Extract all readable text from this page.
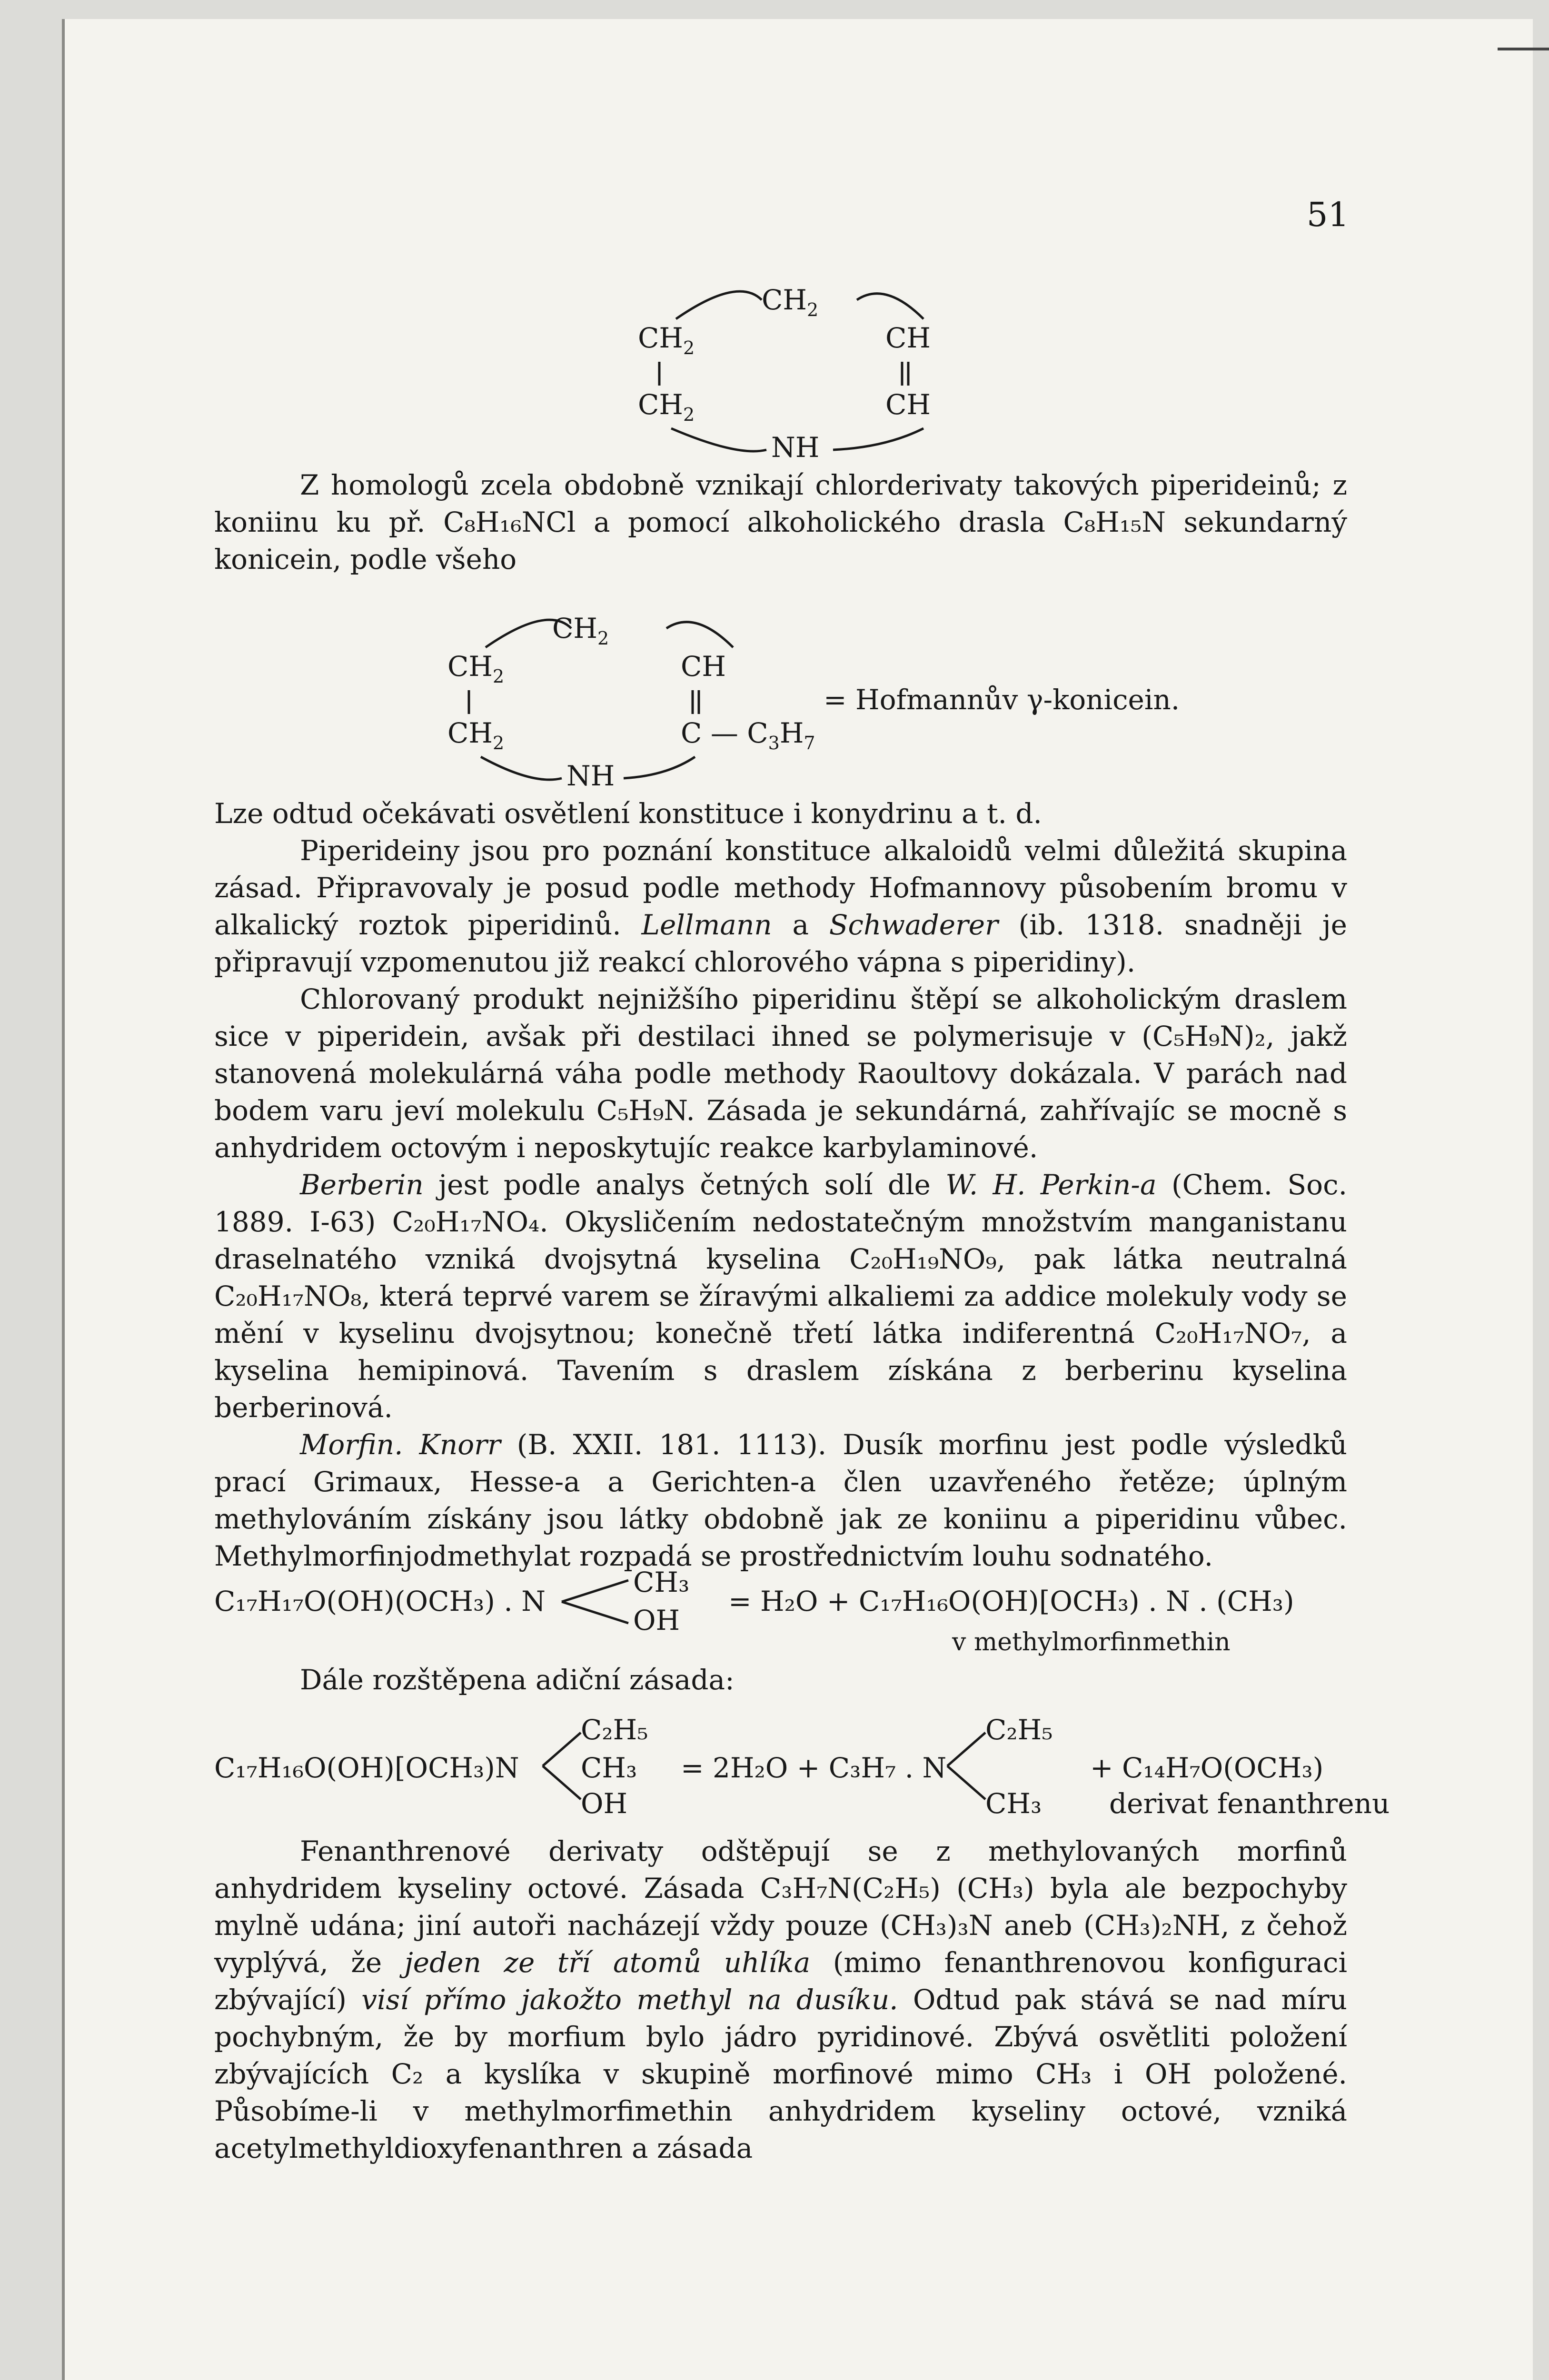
51
$CH_2$
$CH_2$	CH
$CH_2$	CH
NH

Z homologů zcela obdobně vznikají chlorderivaty takových piperideinů; z koniinu ku př. C₈H₁₆NCl a pomocí alkoholického drasla C₈H₁₅N sekundarný konicein, podle všeho

$CH_2$
$CH_2$	CH
$CH_2$	C — $C_3H_7$
NH
= Hofmannův γ-konicein.

Lze odtud očekávati osvětlení konstituce i konydrinu a t. d.

Piperideiny jsou pro poznání konstituce alkaloidů velmi důležitá skupina zásad. Připravovaly je posud podle methody Hofmannovy působením bromu v alkalický roztok piperidinů. Lellmann a Schwaderer (ib. 1318. snadněji je připravují vzpomenutou již reakcí chlorového vápna s piperidiny).

Chlorovaný produkt nejnižšího piperidinu štěpí se alkoholickým draslem sice v piperidein, avšak při destilaci ihned se polymerisuje v (C₅H₉N)₂, jakž stanovená molekulárná váha podle methody Raoultovy dokázala. V parách nad bodem varu jeví molekulu C₅H₉N. Zásada je sekundárná, zahřívajíc se mocně s anhydridem octovým i neposkytujíc reakce karbylaminové.

Berberin jest podle analys četných solí dle W. H. Perkin-a (Chem. Soc. 1889. I-63) C₂₀H₁₇NO₄. Okysličením nedostatečným množstvím manganistanu draselnatého vzniká dvojsytná kyselina C₂₀H₁₉NO₉, pak látka neutralná C₂₀H₁₇NO₈, která teprvé varem se žíravými alkaliemi za addice molekuly vody se mění v kyselinu dvojsytnou; konečně třetí látka indiferentná C₂₀H₁₇NO₇, a kyselina hemipinová. Tavením s draslem získána z berberinu kyselina berberinová.

Morfin. Knorr (B. XXII. 181. 1113). Dusík morfinu jest podle výsledků prací Grimaux, Hesse-a a Gerichten-a člen uzavřeného řetěze; úplným methylováním získány jsou látky obdobně jak ze koniinu a piperidinu vůbec. Methylmorfinjodmethylat rozpadá se prostřednictvím louhu sodnatého.

C₁₇H₁₇O(OH)(OCH₃) . N
CH₃
OH
= H₂O + C₁₇H₁₆O(OH)[OCH₃) . N . (CH₃)
v methylmorfinmethin

Dále rozštěpena adiční zásada:

C₁₇H₁₆O(OH)[OCH₃)N
C₂H₅
CH₃
OH
= 2H₂O + C₃H₇ . N
C₂H₅
CH₃
+ C₁₄H₇O(OCH₃)
derivat fenanthrenu

Fenanthrenové derivaty odštěpují se z methylovaných morfinů anhydridem kyseliny octové. Zásada C₃H₇N(C₂H₅) (CH₃) byla ale bezpochyby mylně udána; jiní autoři nacházejí vždy pouze (CH₃)₃N aneb (CH₃)₂NH, z čehož vyplývá, že jeden ze tří atomů uhlíka (mimo fenanthrenovou konfiguraci zbývající) visí přímo jakožto methyl na dusíku. Odtud pak stává se nad míru pochybným, že by morfium bylo jádro pyridinové. Zbývá osvětliti položení zbývajících C₂ a kyslíka v skupině morfinové mimo CH₃ i OH položené. Působíme-li v methylmorfimethin anhydridem kyseliny octové, vzniká acetylmethyldioxyfenanthren a zásada
